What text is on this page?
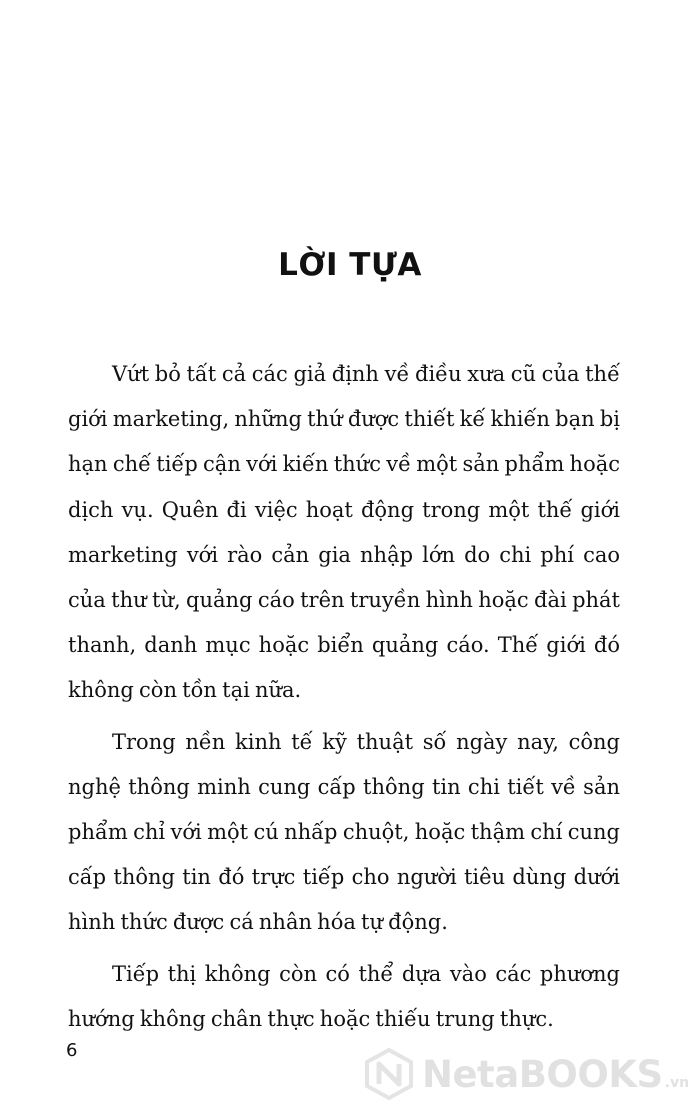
LỜI TỰA

Vứt bỏ tất cả các giả định về điều xưa cũ của thế giới marketing, những thứ được thiết kế khiến bạn bị hạn chế tiếp cận với kiến thức về một sản phẩm hoặc dịch vụ. Quên đi việc hoạt động trong một thế giới marketing với rào cản gia nhập lớn do chi phí cao của thư từ, quảng cáo trên truyền hình hoặc đài phát thanh, danh mục hoặc biển quảng cáo. Thế giới đó không còn tồn tại nữa.

Trong nền kinh tế kỹ thuật số ngày nay, công nghệ thông minh cung cấp thông tin chi tiết về sản phẩm chỉ với một cú nhấp chuột, hoặc thậm chí cung cấp thông tin đó trực tiếp cho người tiêu dùng dưới hình thức được cá nhân hóa tự động.

Tiếp thị không còn có thể dựa vào các phương hướng không chân thực hoặc thiếu trung thực.

6
NetaBOOKS .vn
